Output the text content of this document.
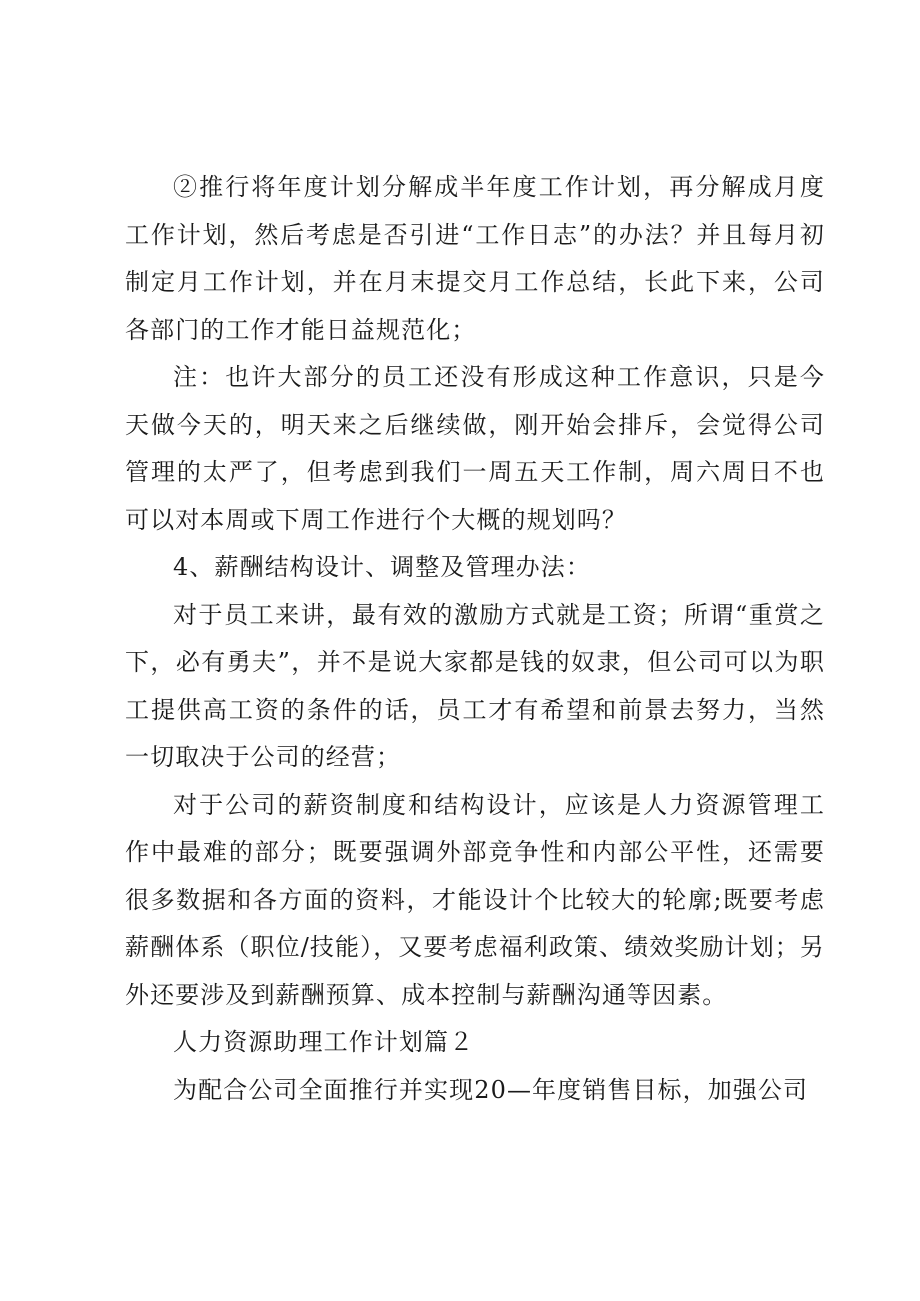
②推行将年度计划分解成半年度工作计划，再分解成月度工作计划，然后考虑是否引进“工作日志”的办法？并且每月初制定月工作计划，并在月末提交月工作总结，长此下来，公司各部门的工作才能日益规范化；

注：也许大部分的员工还没有形成这种工作意识，只是今天做今天的，明天来之后继续做，刚开始会排斥，会觉得公司管理的太严了，但考虑到我们一周五天工作制，周六周日不也可以对本周或下周工作进行个大概的规划吗？

4、薪酬结构设计、调整及管理办法：

对于员工来讲，最有效的激励方式就是工资；所谓“重赏之下，必有勇夫”，并不是说大家都是钱的奴隶，但公司可以为职工提供高工资的条件的话，员工才有希望和前景去努力，当然一切取决于公司的经营；

对于公司的薪资制度和结构设计，应该是人力资源管理工作中最难的部分；既要强调外部竞争性和内部公平性，还需要很多数据和各方面的资料，才能设计个比较大的轮廓;既要考虑薪酬体系（职位/技能），又要考虑福利政策、绩效奖励计划；另外还要涉及到薪酬预算、成本控制与薪酬沟通等因素。

人力资源助理工作计划篇２

为配合公司全面推行并实现20—年度销售目标，加强公司
